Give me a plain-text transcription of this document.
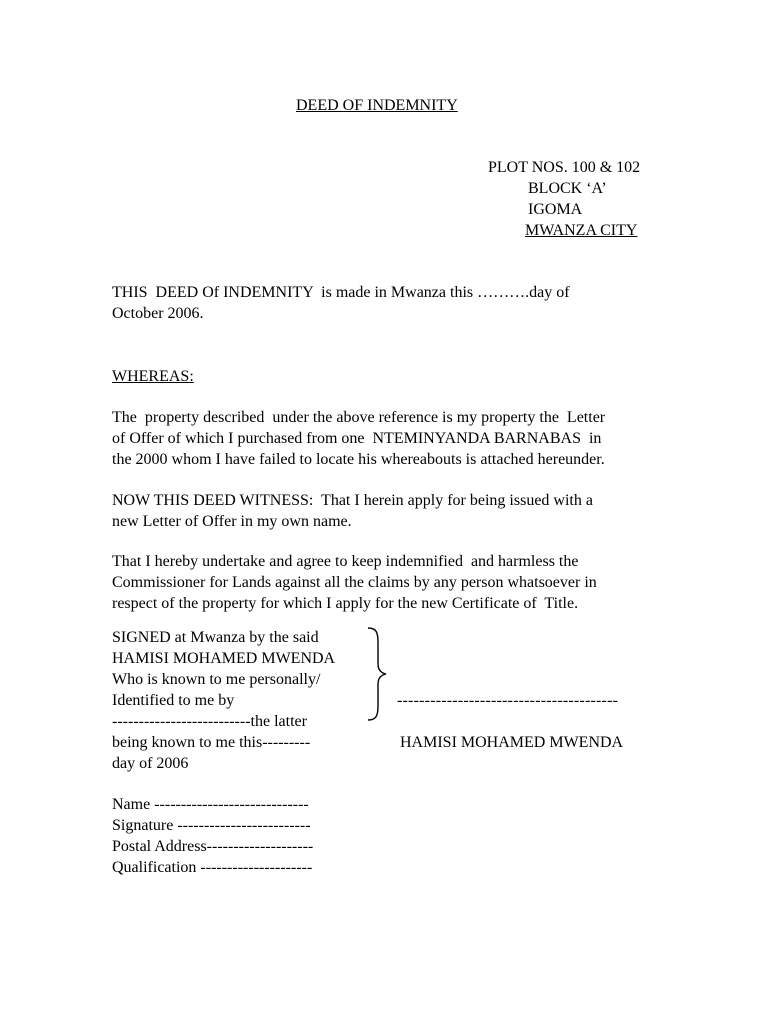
DEED OF INDEMNITY
PLOT NOS. 100 & 102
BLOCK ‘A’
IGOMA
MWANZA CITY
THIS  DEED Of INDEMNITY  is made in Mwanza this ……….day of
October 2006.
WHEREAS:
The  property described  under the above reference is my property the  Letter
of Offer of which I purchased from one  NTEMINYANDA BARNABAS  in
the 2000 whom I have failed to locate his whereabouts is attached hereunder.
NOW THIS DEED WITNESS:  That I herein apply for being issued with a
new Letter of Offer in my own name.
That I hereby undertake and agree to keep indemnified  and harmless the
Commissioner for Lands against all the claims by any person whatsoever in
respect of the property for which I apply for the new Certificate of  Title.
SIGNED at Mwanza by the said
HAMISI MOHAMED MWENDA
Who is known to me personally/
Identified to me by
--------------------------the latter
being known to me this---------
day of 2006
----------------------------------------
HAMISI MOHAMED MWENDA
Name -----------------------------
Signature -------------------------
Postal Address--------------------
Qualification ---------------------
